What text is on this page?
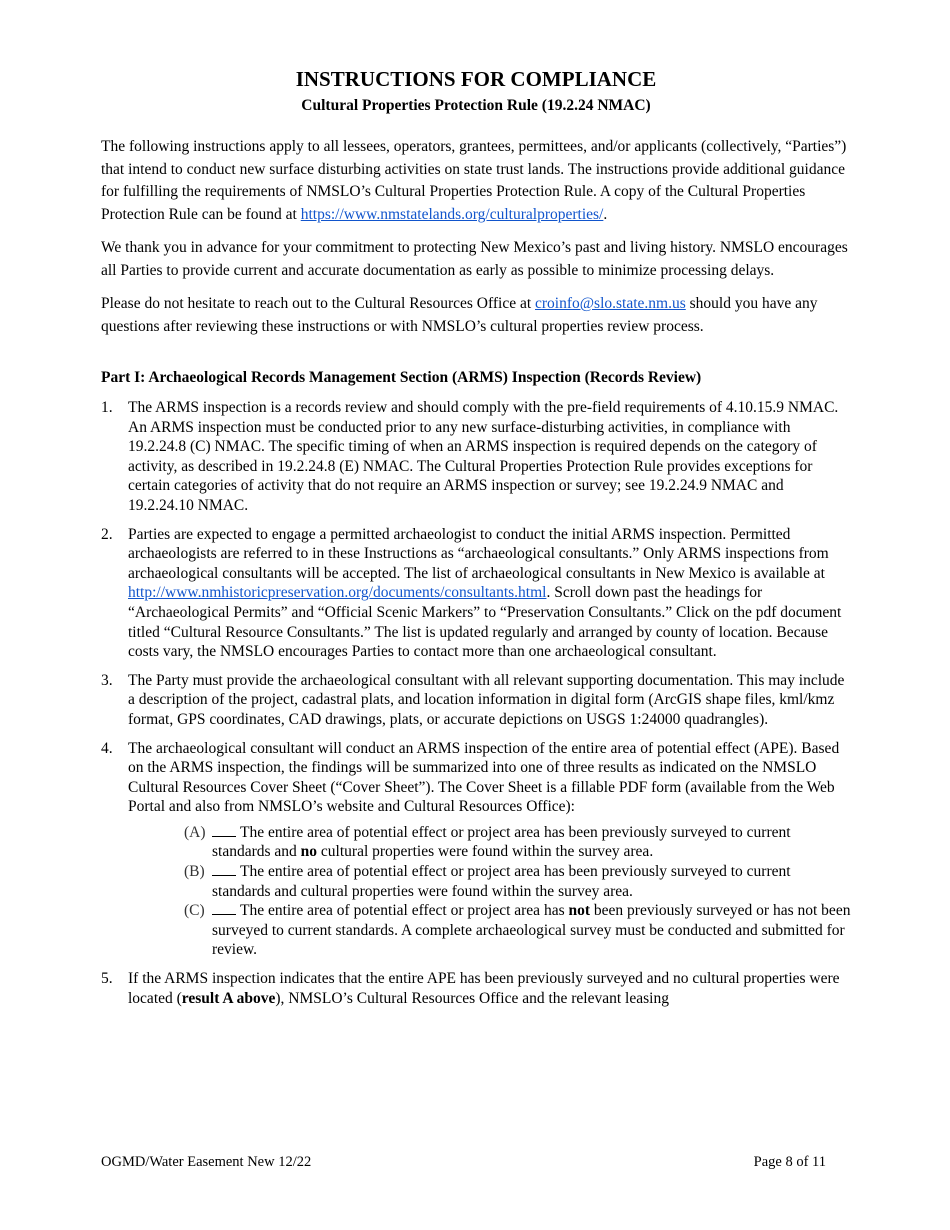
INSTRUCTIONS FOR COMPLIANCE
Cultural Properties Protection Rule (19.2.24 NMAC)

The following instructions apply to all lessees, operators, grantees, permittees, and/or applicants (collectively, “Parties”) that intend to conduct new surface disturbing activities on state trust lands. The instructions provide additional guidance for fulfilling the requirements of NMSLO’s Cultural Properties Protection Rule. A copy of the Cultural Properties Protection Rule can be found at https://www.nmstatelands.org/culturalproperties/.

We thank you in advance for your commitment to protecting New Mexico’s past and living history. NMSLO encourages all Parties to provide current and accurate documentation as early as possible to minimize processing delays.

Please do not hesitate to reach out to the Cultural Resources Office at croinfo@slo.state.nm.us should you have any questions after reviewing these instructions or with NMSLO’s cultural properties review process.

Part I: Archaeological Records Management Section (ARMS) Inspection (Records Review)
1. The ARMS inspection is a records review and should comply with the pre-field requirements of 4.10.15.9 NMAC. An ARMS inspection must be conducted prior to any new surface-disturbing activities, in compliance with 19.2.24.8 (C) NMAC. The specific timing of when an ARMS inspection is required depends on the category of activity, as described in 19.2.24.8 (E) NMAC. The Cultural Properties Protection Rule provides exceptions for certain categories of activity that do not require an ARMS inspection or survey; see 19.2.24.9 NMAC and 19.2.24.10 NMAC.
2. Parties are expected to engage a permitted archaeologist to conduct the initial ARMS inspection. Permitted archaeologists are referred to in these Instructions as “archaeological consultants.” Only ARMS inspections from archaeological consultants will be accepted. The list of archaeological consultants in New Mexico is available at http://www.nmhistoricpreservation.org/documents/consultants.html. Scroll down past the headings for “Archaeological Permits” and “Official Scenic Markers” to “Preservation Consultants.” Click on the pdf document titled “Cultural Resource Consultants.” The list is updated regularly and arranged by county of location. Because costs vary, the NMSLO encourages Parties to contact more than one archaeological consultant.
3. The Party must provide the archaeological consultant with all relevant supporting documentation. This may include a description of the project, cadastral plats, and location information in digital form (ArcGIS shape files, kml/kmz format, GPS coordinates, CAD drawings, plats, or accurate depictions on USGS 1:24000 quadrangles).
4. The archaeological consultant will conduct an ARMS inspection of the entire area of potential effect (APE). Based on the ARMS inspection, the findings will be summarized into one of three results as indicated on the NMSLO Cultural Resources Cover Sheet (“Cover Sheet”). The Cover Sheet is a fillable PDF form (available from the Web Portal and also from NMSLO’s website and Cultural Resources Office):
(A) The entire area of potential effect or project area has been previously surveyed to current standards and no cultural properties were found within the survey area.
(B) The entire area of potential effect or project area has been previously surveyed to current standards and cultural properties were found within the survey area.
(C) The entire area of potential effect or project area has not been previously surveyed or has not been surveyed to current standards. A complete archaeological survey must be conducted and submitted for review.
5. If the ARMS inspection indicates that the entire APE has been previously surveyed and no cultural properties were located (result A above), NMSLO’s Cultural Resources Office and the relevant leasing
OGMD/Water Easement New 12/22	Page 8 of 11
